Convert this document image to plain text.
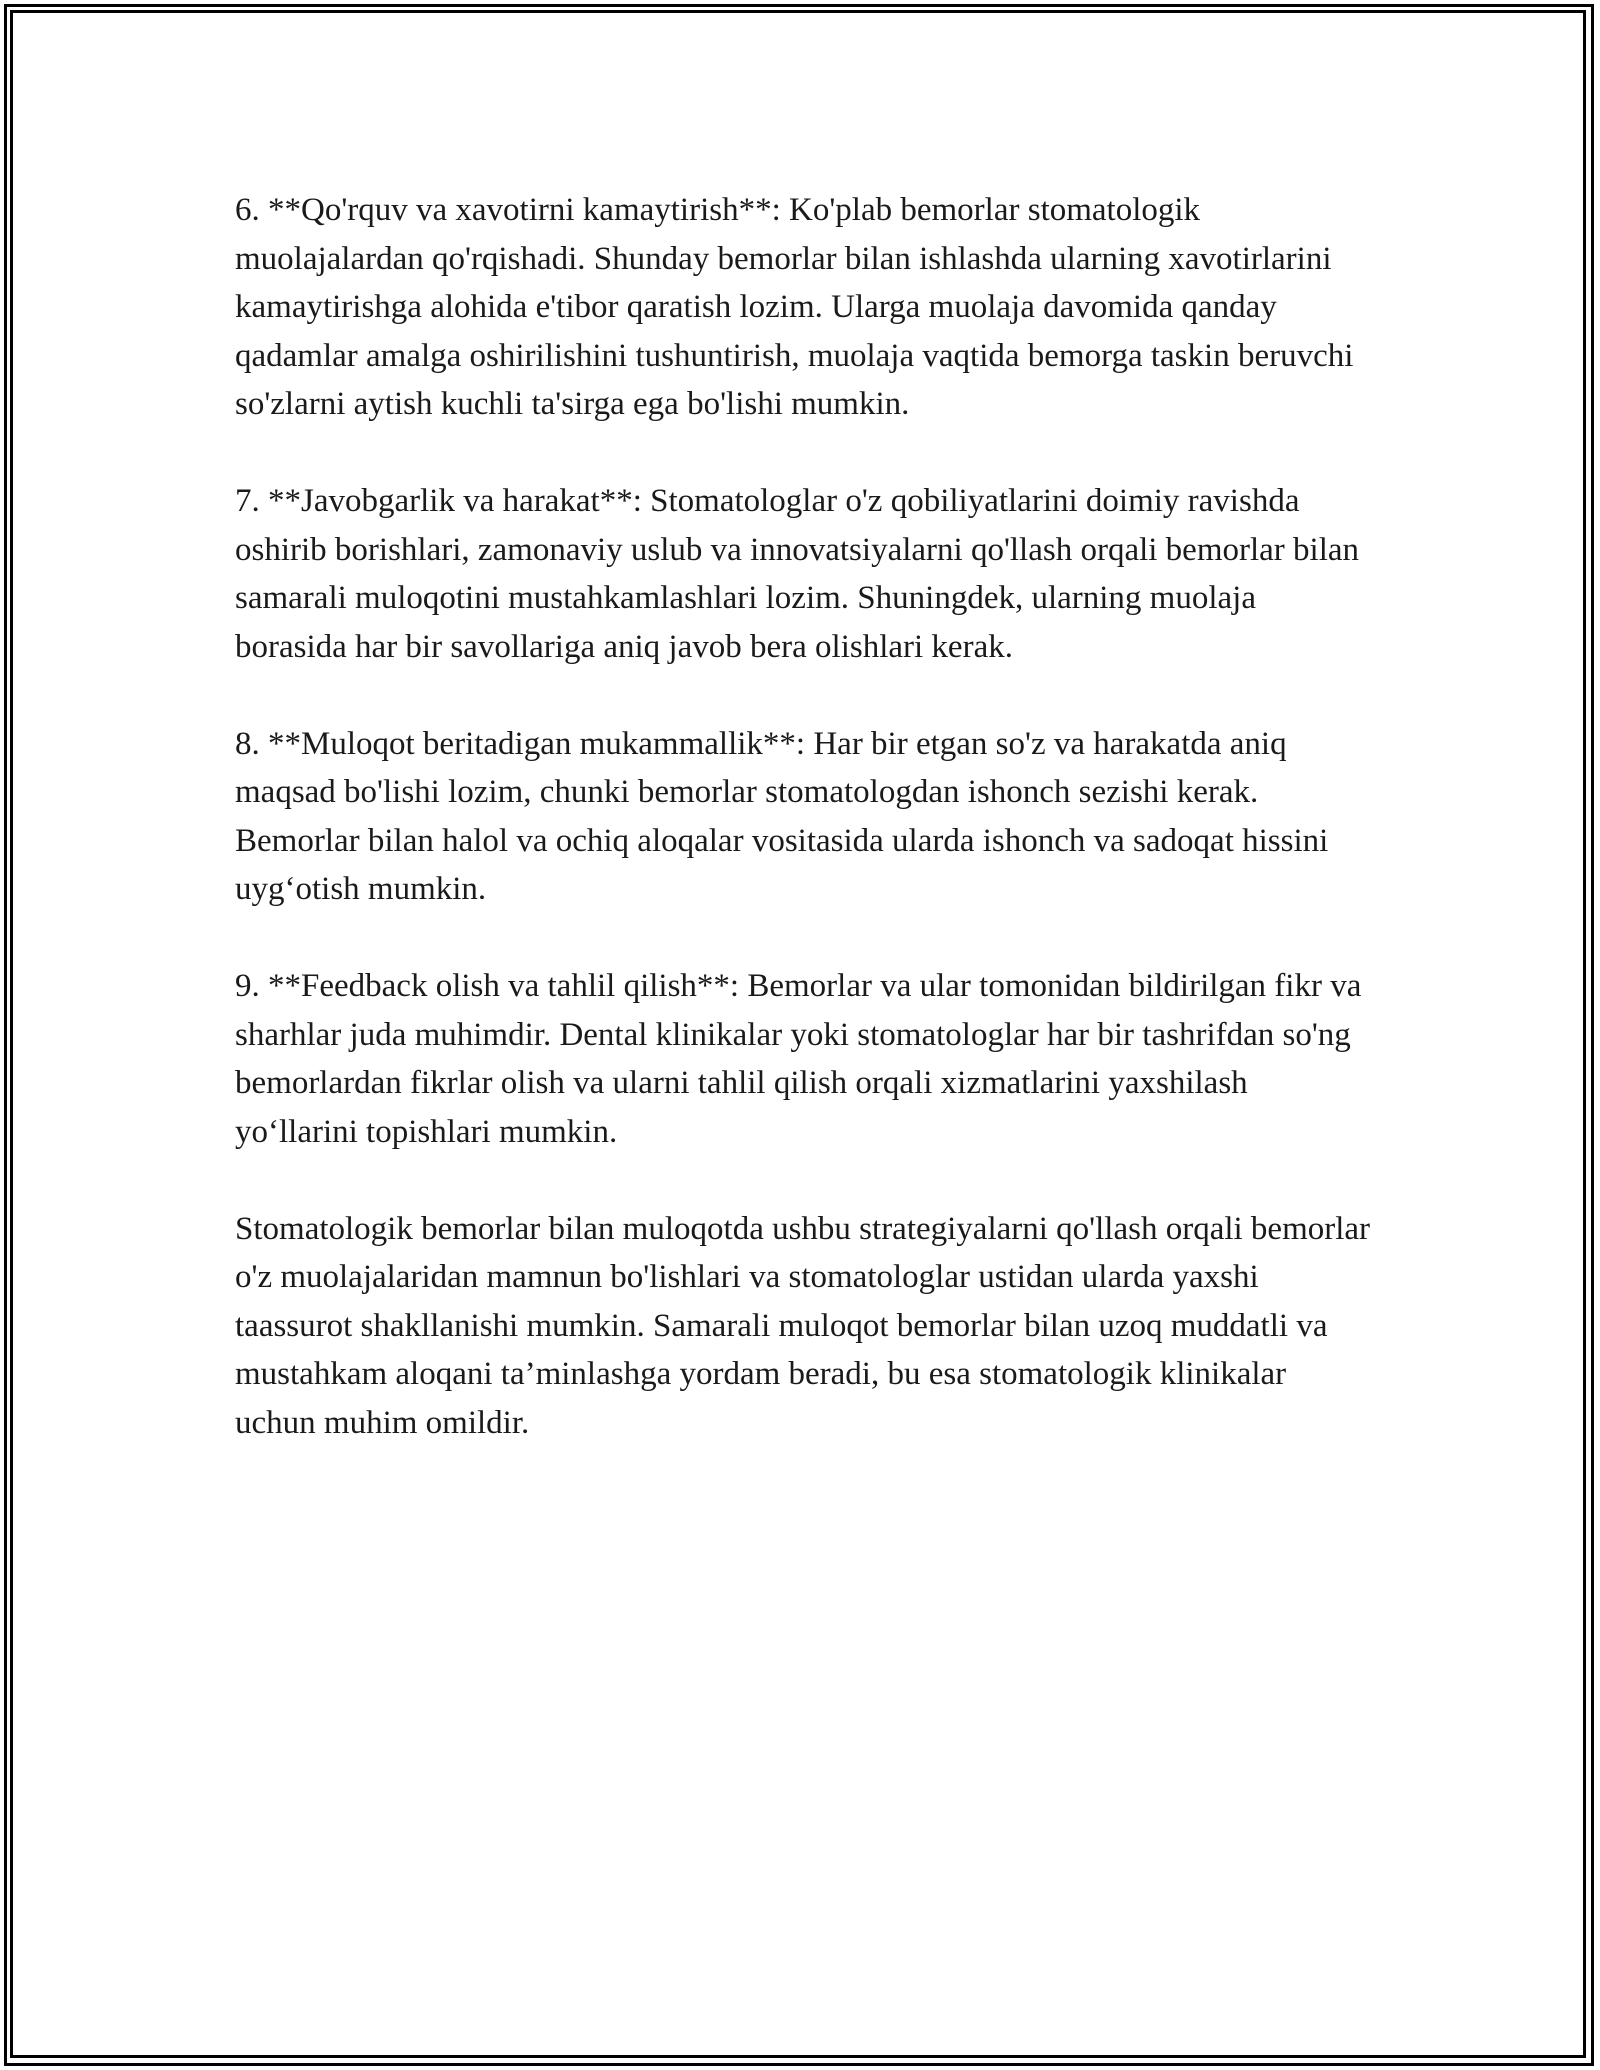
6. **Qo'rquv va xavotirni kamaytirish**: Ko'plab bemorlar stomatologik muolajalardan qo'rqishadi. Shunday bemorlar bilan ishlashda ularning xavotirlarini kamaytirishga alohida e'tibor qaratish lozim. Ularga muolaja davomida qanday qadamlar amalga oshirilishini tushuntirish, muolaja vaqtida bemorga taskin beruvchi so'zlarni aytish kuchli ta'sirga ega bo'lishi mumkin.

7. **Javobgarlik va harakat**: Stomatologlar o'z qobiliyatlarini doimiy ravishda oshirib borishlari, zamonaviy uslub va innovatsiyalarni qo'llash orqali bemorlar bilan samarali muloqotini mustahkamlashlari lozim. Shuningdek, ularning muolaja borasida har bir savollariga aniq javob bera olishlari kerak.

8. **Muloqot beritadigan mukammallik**: Har bir etgan so'z va harakatda aniq maqsad bo'lishi lozim, chunki bemorlar stomatologdan ishonch sezishi kerak. Bemorlar bilan halol va ochiq aloqalar vositasida ularda ishonch va sadoqat hissini uyg‘otish mumkin.

9. **Feedback olish va tahlil qilish**: Bemorlar va ular tomonidan bildirilgan fikr va sharhlar juda muhimdir. Dental klinikalar yoki stomatologlar har bir tashrifdan so'ng bemorlardan fikrlar olish va ularni tahlil qilish orqali xizmatlarini yaxshilash yo‘llarini topishlari mumkin.

Stomatologik bemorlar bilan muloqotda ushbu strategiyalarni qo'llash orqali bemorlar o'z muolajalaridan mamnun bo'lishlari va stomatologlar ustidan ularda yaxshi taassurot shakllanishi mumkin. Samarali muloqot bemorlar bilan uzoq muddatli va mustahkam aloqani ta’minlashga yordam beradi, bu esa stomatologik klinikalar uchun muhim omildir.
